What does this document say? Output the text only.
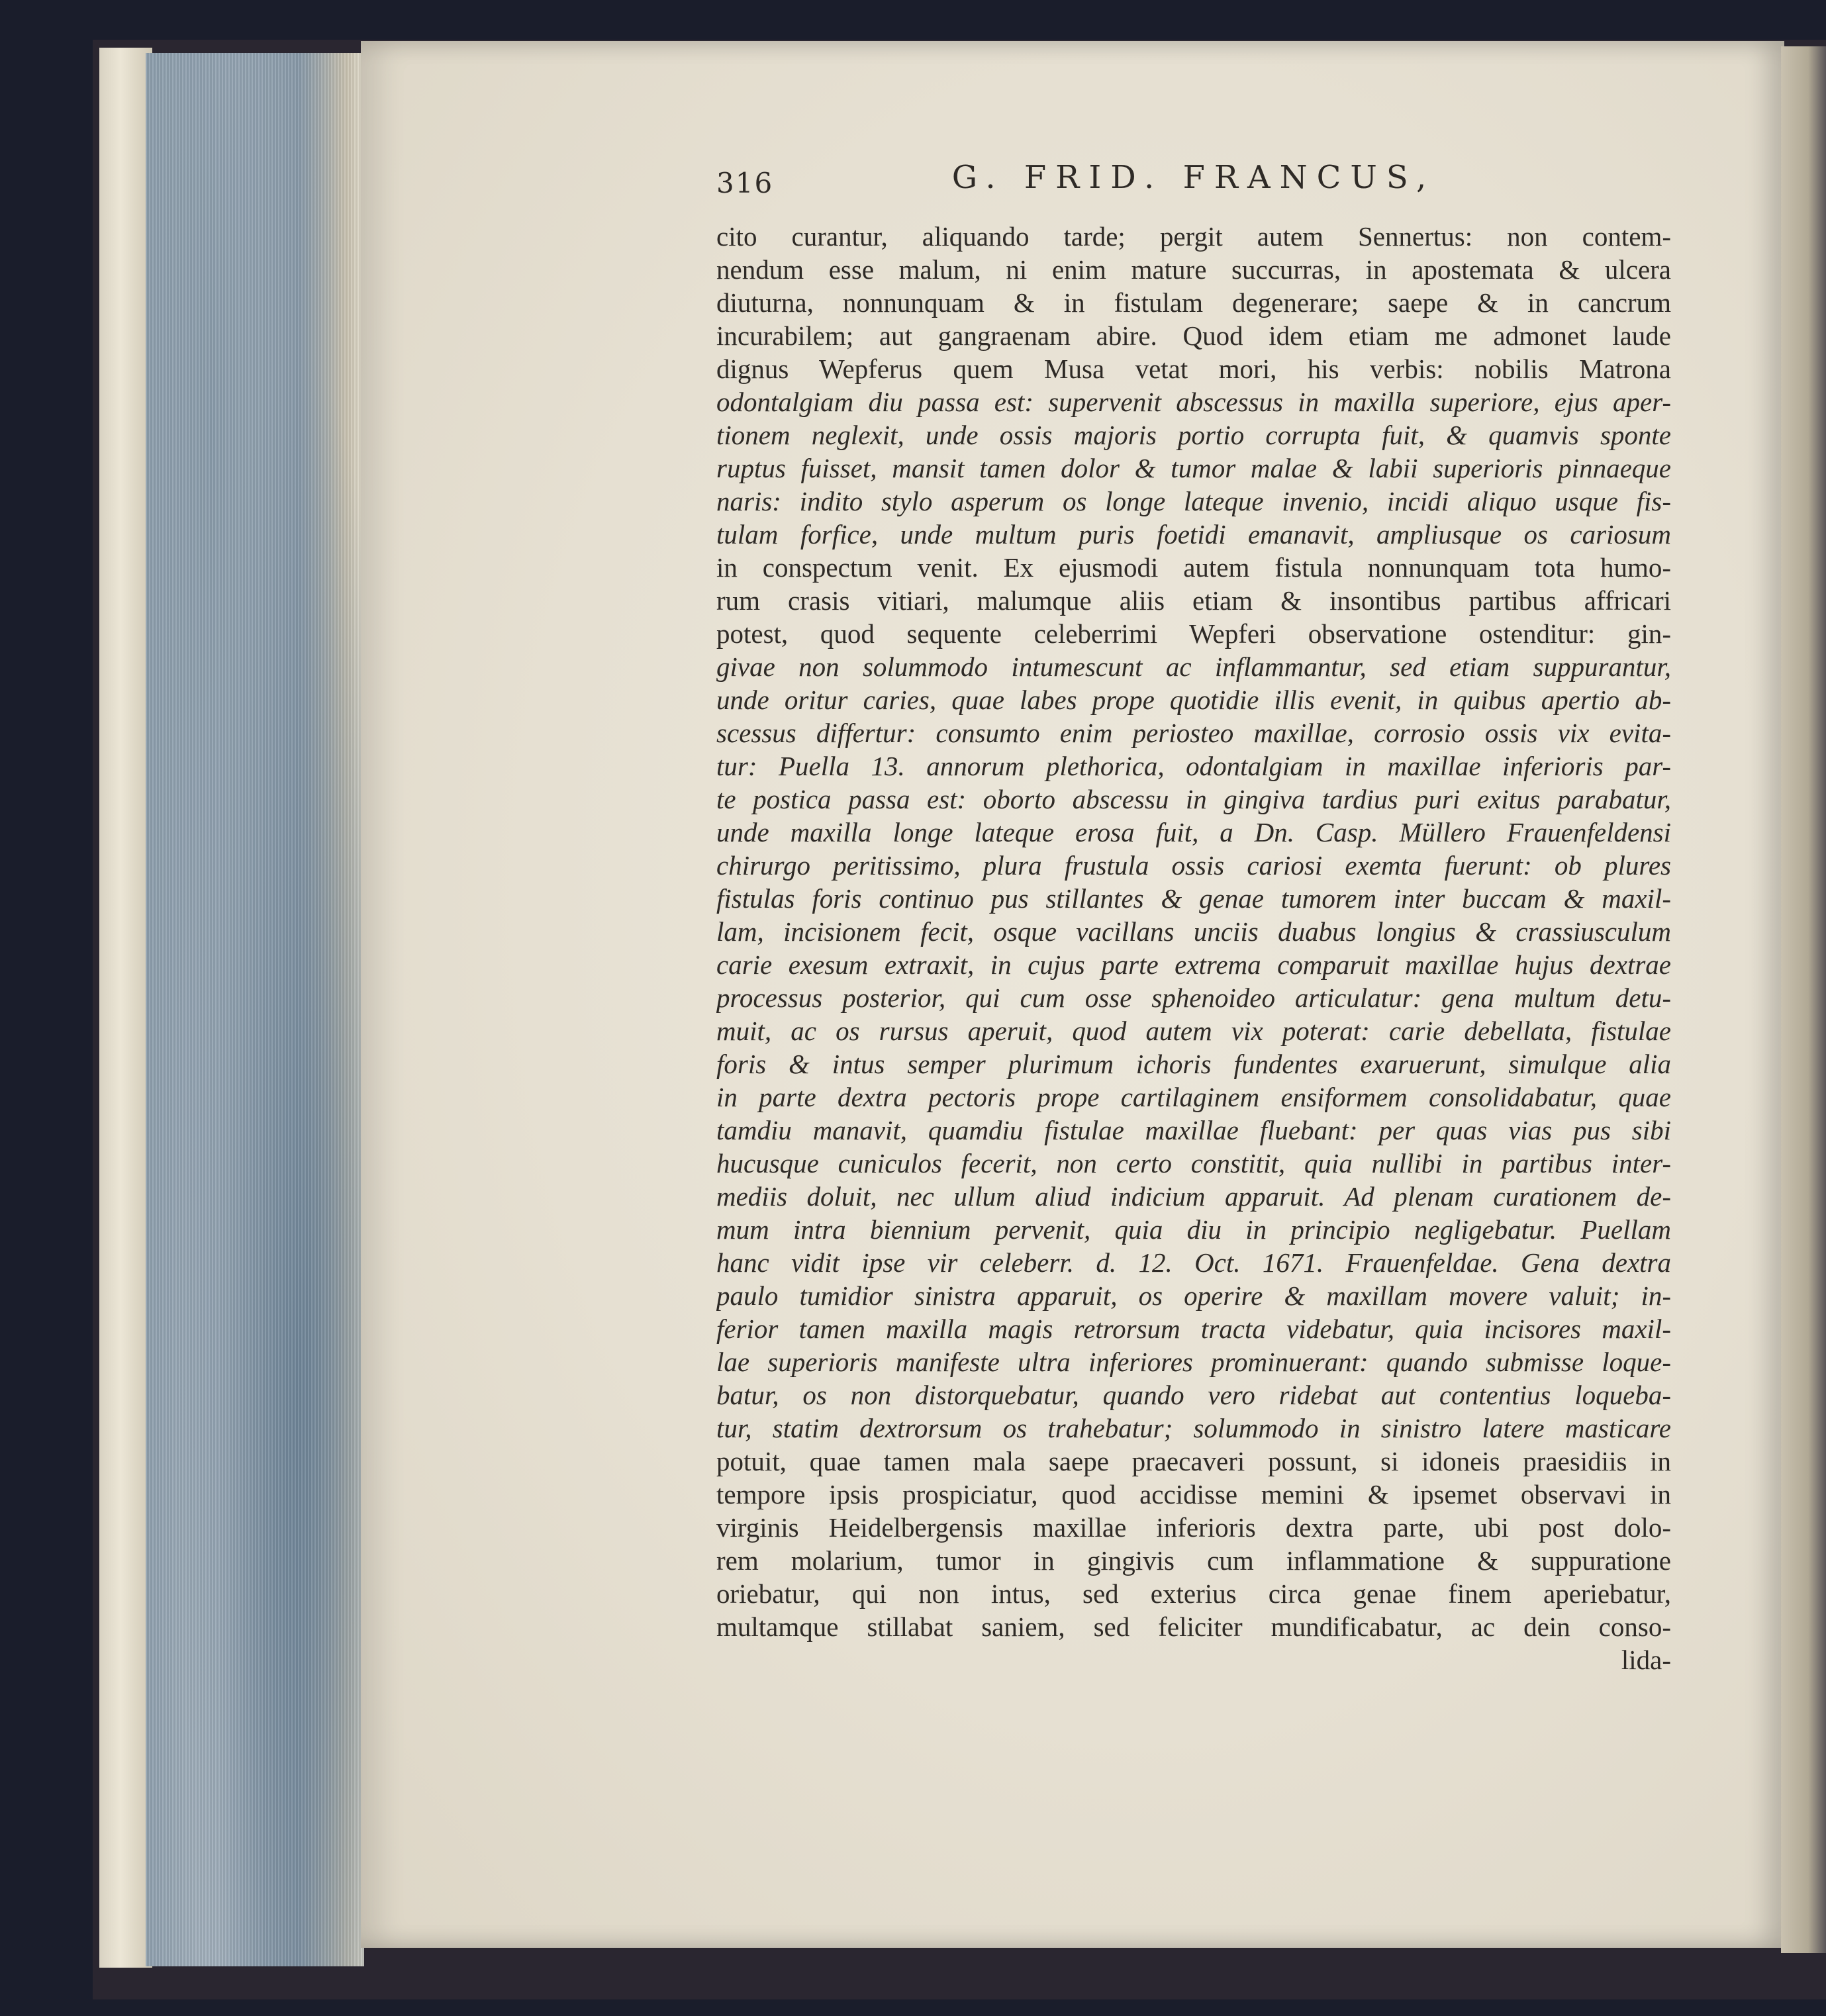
316	G. FRID. FRANCUS,
cito curantur, aliquando tarde; pergit autem Sennertus: non contem-
nendum esse malum, ni enim mature succurras, in apostemata & ulcera
diuturna, nonnunquam & in fistulam degenerare; saepe & in cancrum
incurabilem; aut gangraenam abire. Quod idem etiam me admonet laude
dignus Wepferus quem Musa vetat mori, his verbis: nobilis Matrona
odontalgiam diu passa est: supervenit abscessus in maxilla superiore, ejus aper-
tionem neglexit, unde ossis majoris portio corrupta fuit, & quamvis sponte
ruptus fuisset, mansit tamen dolor & tumor malae & labii superioris pinnaeque
naris: indito stylo asperum os longe lateque invenio, incidi aliquo usque fis-
tulam forfice, unde multum puris foetidi emanavit, ampliusque os cariosum
in conspectum venit. Ex ejusmodi autem fistula nonnunquam tota humo-
rum crasis vitiari, malumque aliis etiam & insontibus partibus affricari
potest, quod sequente celeberrimi Wepferi observatione ostenditur: gin-
givae non solummodo intumescunt ac inflammantur, sed etiam suppurantur,
unde oritur caries, quae labes prope quotidie illis evenit, in quibus apertio ab-
scessus differtur: consumto enim periosteo maxillae, corrosio ossis vix evita-
tur: Puella 13. annorum plethorica, odontalgiam in maxillae inferioris par-
te postica passa est: oborto abscessu in gingiva tardius puri exitus parabatur,
unde maxilla longe lateque erosa fuit, a Dn. Casp. Müllero Frauenfeldensi
chirurgo peritissimo, plura frustula ossis cariosi exemta fuerunt: ob plures
fistulas foris continuo pus stillantes & genae tumorem inter buccam & maxil-
lam, incisionem fecit, osque vacillans unciis duabus longius & crassiusculum
carie exesum extraxit, in cujus parte extrema comparuit maxillae hujus dextrae
processus posterior, qui cum osse sphenoideo articulatur: gena multum detu-
muit, ac os rursus aperuit, quod autem vix poterat: carie debellata, fistulae
foris & intus semper plurimum ichoris fundentes exaruerunt, simulque alia
in parte dextra pectoris prope cartilaginem ensiformem consolidabatur, quae
tamdiu manavit, quamdiu fistulae maxillae fluebant: per quas vias pus sibi
hucusque cuniculos fecerit, non certo constitit, quia nullibi in partibus inter-
mediis doluit, nec ullum aliud indicium apparuit. Ad plenam curationem de-
mum intra biennium pervenit, quia diu in principio negligebatur. Puellam
hanc vidit ipse vir celeberr. d. 12. Oct. 1671. Frauenfeldae. Gena dextra
paulo tumidior sinistra apparuit, os operire & maxillam movere valuit; in-
ferior tamen maxilla magis retrorsum tracta videbatur, quia incisores maxil-
lae superioris manifeste ultra inferiores prominuerant: quando submisse loque-
batur, os non distorquebatur, quando vero ridebat aut contentius loqueba-
tur, statim dextrorsum os trahebatur; solummodo in sinistro latere masticare
potuit, quae tamen mala saepe praecaveri possunt, si idoneis praesidiis in
tempore ipsis prospiciatur, quod accidisse memini & ipsemet observavi in
virginis Heidelbergensis maxillae inferioris dextra parte, ubi post dolo-
rem molarium, tumor in gingivis cum inflammatione & suppuratione
oriebatur, qui non intus, sed exterius circa genae finem aperiebatur,
multamque stillabat saniem, sed feliciter mundificabatur, ac dein conso-
lida-
